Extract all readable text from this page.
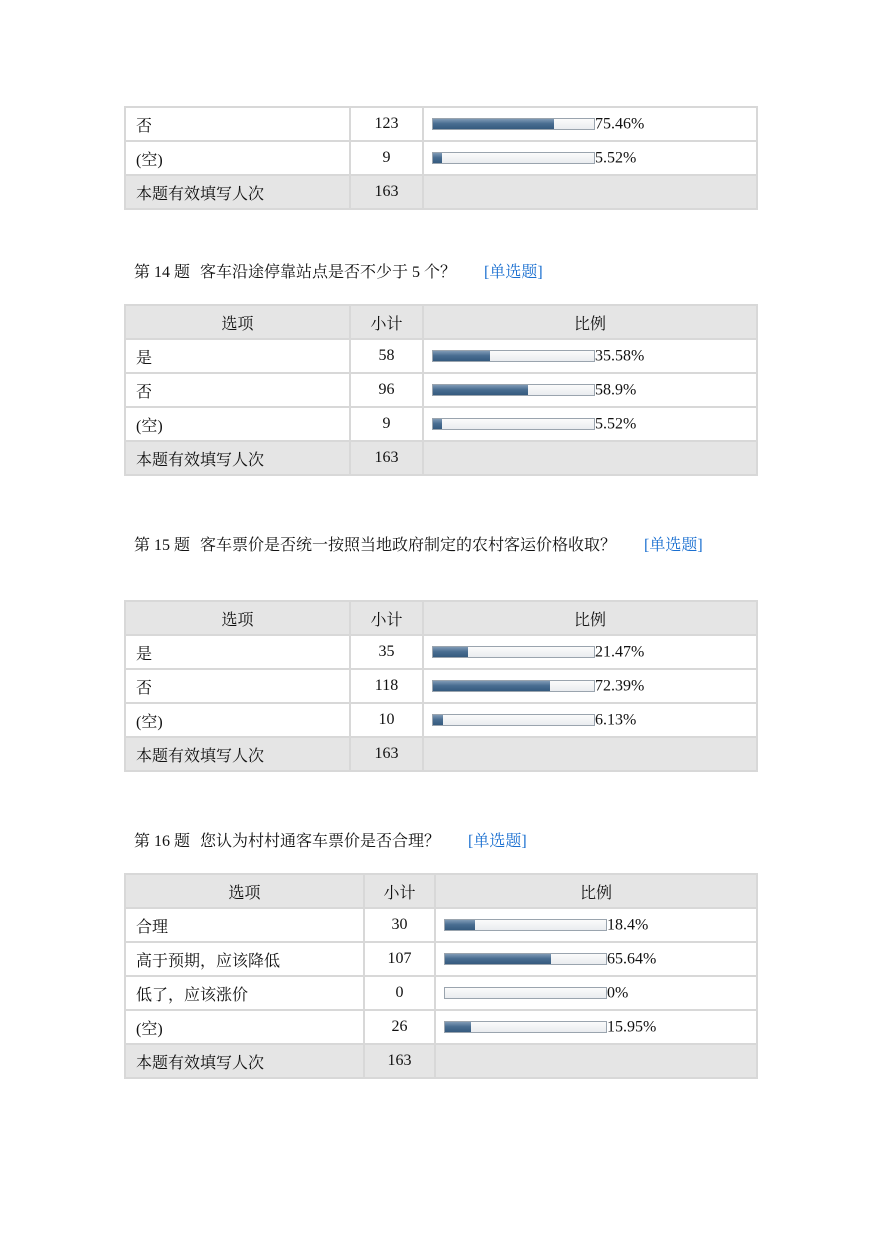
否	123	75.46%
(空)	9	5.52%
本题有效填写人次	163	
第 14 题 客车沿途停靠站点是否不少于 5 个？ [单选题]
选项	小计	比例
是	58	35.58%
否	96	58.9%
(空)	9	5.52%
本题有效填写人次	163	
第 15 题 客车票价是否统一按照当地政府制定的农村客运价格收取？ [单选题]
选项	小计	比例
是	35	21.47%
否	118	72.39%
(空)	10	6.13%
本题有效填写人次	163	
第 16 题 您认为村村通客车票价是否合理？ [单选题]
选项	小计	比例
合理	30	18.4%
高于预期，应该降低	107	65.64%
低了，应该涨价	0	0%
(空)	26	15.95%
本题有效填写人次	163	
